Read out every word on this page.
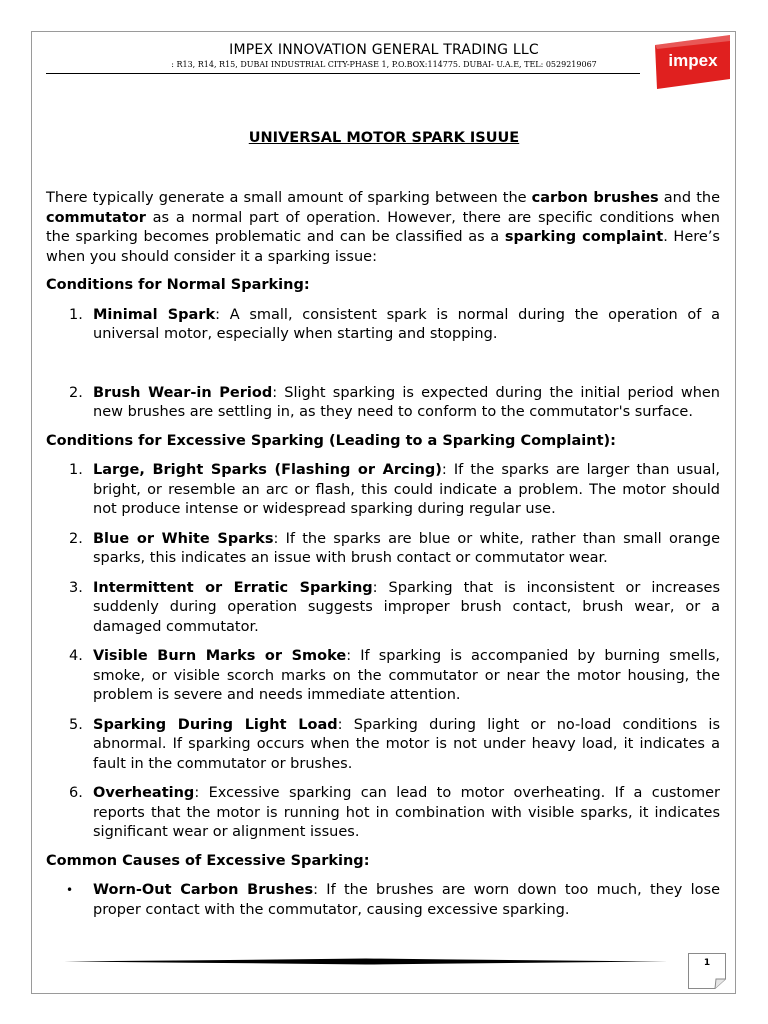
IMPEX INNOVATION GENERAL TRADING LLC
: R13, R14, R15, DUBAI INDUSTRIAL CITY-PHASE 1, P.O.BOX:114775. DUBAI- U.A.E, TEL: 0529219067	impex
UNIVERSAL MOTOR SPARK ISUUE

There typically generate a small amount of sparking between the carbon brushes and the commutator as a normal part of operation. However, there are specific conditions when the sparking becomes problematic and can be classified as a sparking complaint. Here’s when you should consider it a sparking issue:

Conditions for Normal Sparking:

1. Minimal Spark: A small, consistent spark is normal during the operation of a universal motor, especially when starting and stopping.
2. Brush Wear-in Period: Slight sparking is expected during the initial period when new brushes are settling in, as they need to conform to the commutator's surface.

Conditions for Excessive Sparking (Leading to a Sparking Complaint):

1. Large, Bright Sparks (Flashing or Arcing): If the sparks are larger than usual, bright, or resemble an arc or flash, this could indicate a problem. The motor should not produce intense or widespread sparking during regular use.
2. Blue or White Sparks: If the sparks are blue or white, rather than small orange sparks, this indicates an issue with brush contact or commutator wear.
3. Intermittent or Erratic Sparking: Sparking that is inconsistent or increases suddenly during operation suggests improper brush contact, brush wear, or a damaged commutator.
4. Visible Burn Marks or Smoke: If sparking is accompanied by burning smells, smoke, or visible scorch marks on the commutator or near the motor housing, the problem is severe and needs immediate attention.
5. Sparking During Light Load: Sparking during light or no-load conditions is abnormal. If sparking occurs when the motor is not under heavy load, it indicates a fault in the commutator or brushes.
6. Overheating: Excessive sparking can lead to motor overheating. If a customer reports that the motor is running hot in combination with visible sparks, it indicates significant wear or alignment issues.

Common Causes of Excessive Sparking:

• Worn-Out Carbon Brushes: If the brushes are worn down too much, they lose proper contact with the commutator, causing excessive sparking.
1
